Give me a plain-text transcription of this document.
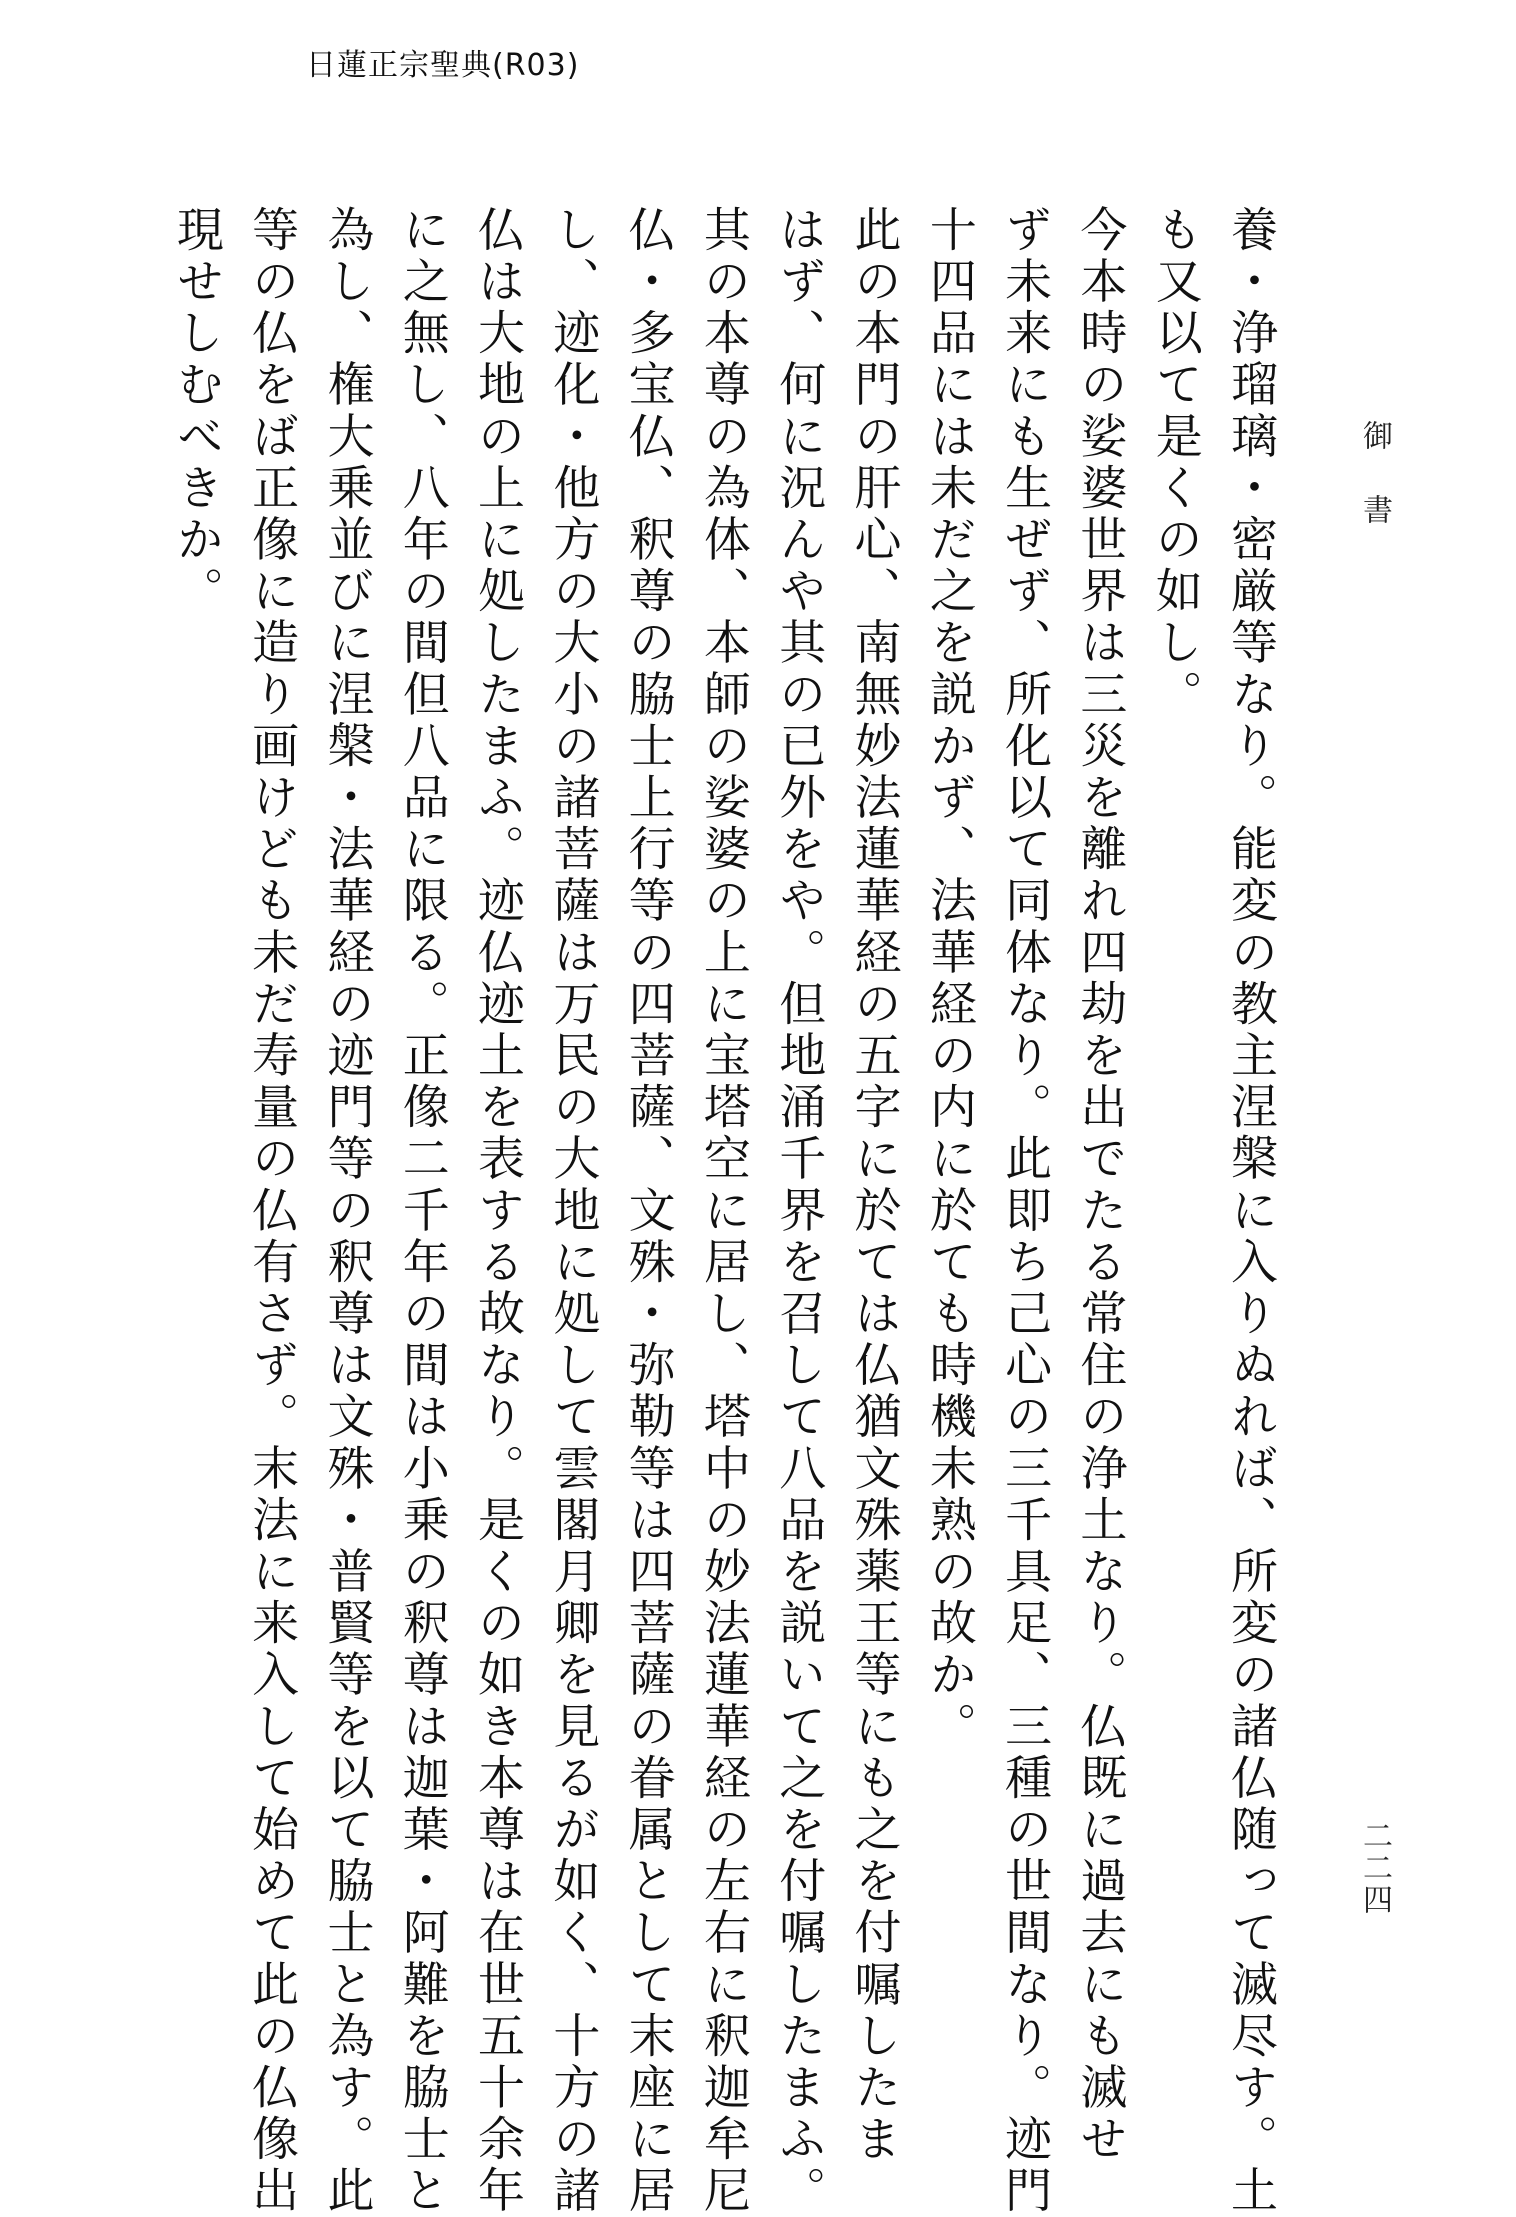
日蓮正宗聖典(R03)
御書
二二四
養・浄瑠璃・密厳等なり。能変の教主涅槃に入りぬれば、所変の諸仏随って滅尽す。土
も又以て是くの如し。
今本時の娑婆世界は三災を離れ四劫を出でたる常住の浄土なり。仏既に過去にも滅せ
ず未来にも生ぜず、所化以て同体なり。此即ち己心の三千具足、三種の世間なり。迹門
十四品には未だ之を説かず、法華経の内に於ても時機未熟の故か。
此の本門の肝心、南無妙法蓮華経の五字に於ては仏猶文殊薬王等にも之を付嘱したま
はず、何に況んや其の已外をや。但地涌千界を召して八品を説いて之を付嘱したまふ。
其の本尊の為体、本師の娑婆の上に宝塔空に居し、塔中の妙法蓮華経の左右に釈迦牟尼
仏・多宝仏、釈尊の脇士上行等の四菩薩、文殊・弥勒等は四菩薩の眷属として末座に居
し、迹化・他方の大小の諸菩薩は万民の大地に処して雲閣月卿を見るが如く、十方の諸
仏は大地の上に処したまふ。迹仏迹土を表する故なり。是くの如き本尊は在世五十余年
に之無し、八年の間但八品に限る。正像二千年の間は小乗の釈尊は迦葉・阿難を脇士と
為し、権大乗並びに涅槃・法華経の迹門等の釈尊は文殊・普賢等を以て脇士と為す。此
等の仏をば正像に造り画けども未だ寿量の仏有さず。末法に来入して始めて此の仏像出
現せしむべきか。
